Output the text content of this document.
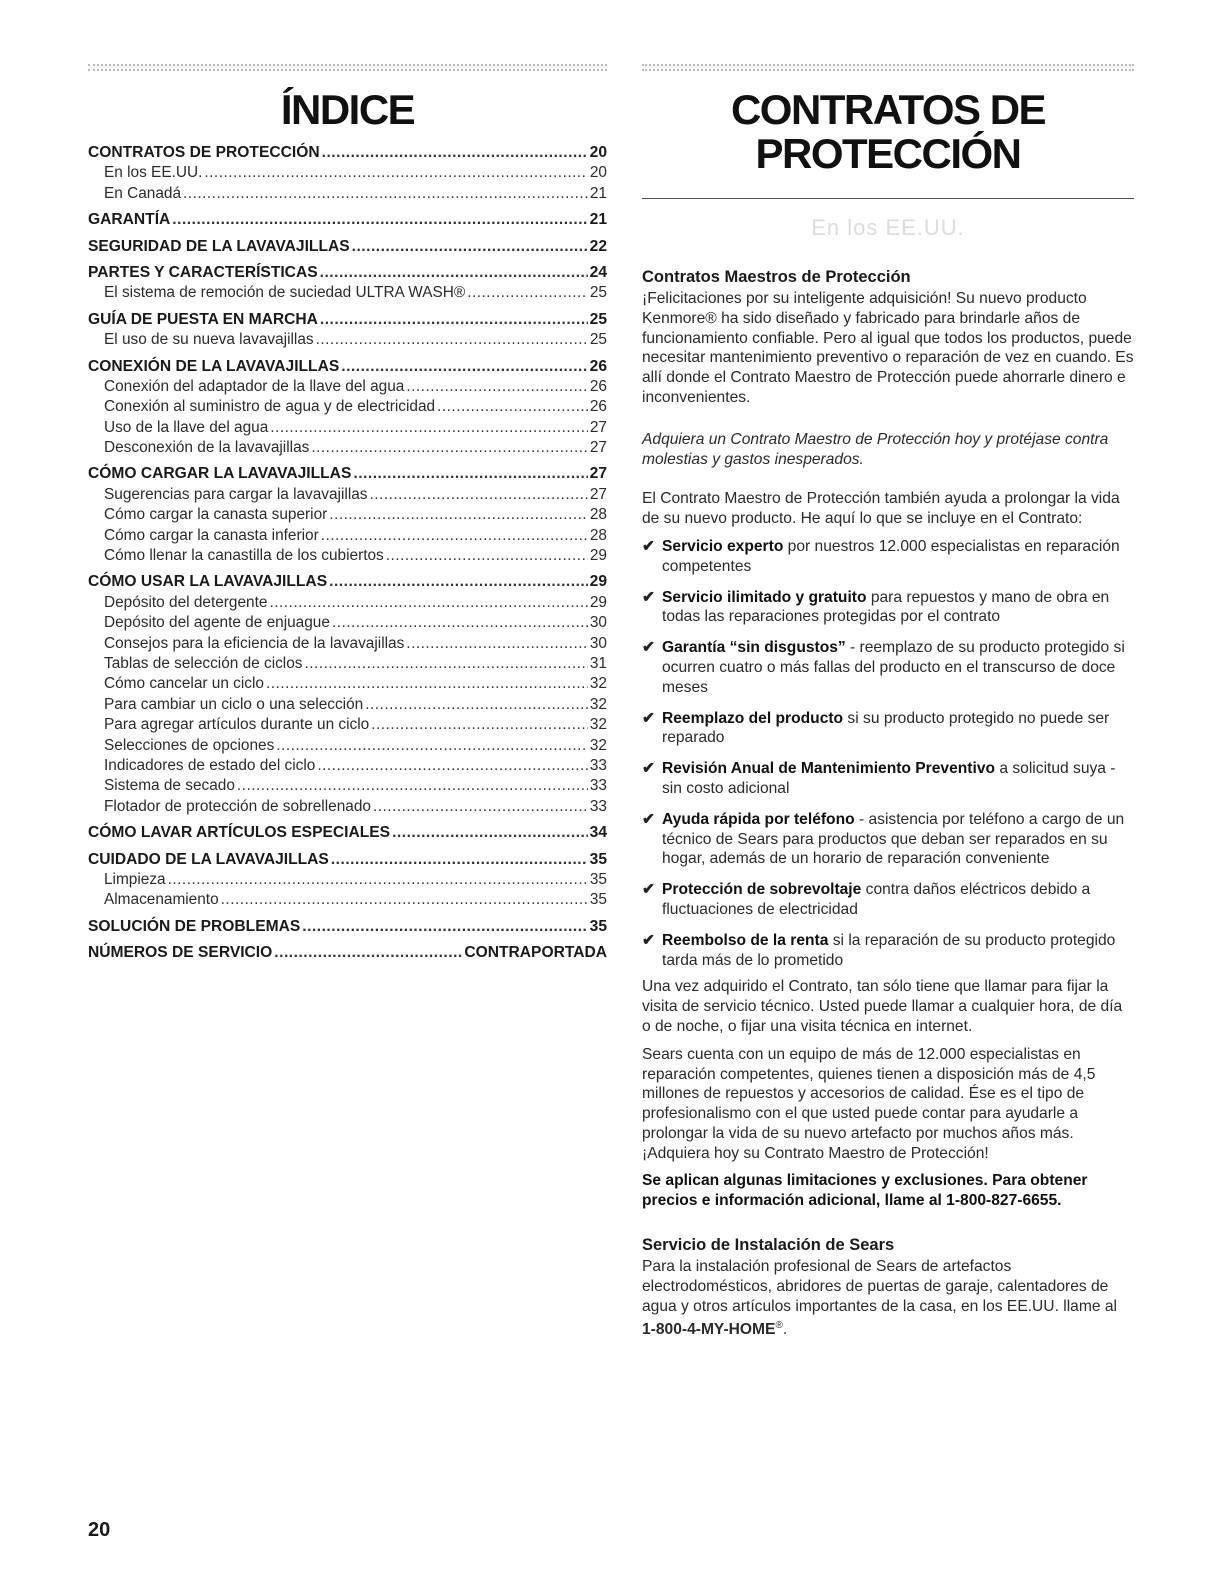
ÍNDICE
CONTRATOS DE PROTECCIÓN .....	20
En los EE.UU. .....	20
En Canadá .....	21
GARANTÍA .....	21
SEGURIDAD DE LA LAVAVAJILLAS .....	22
PARTES Y CARACTERÍSTICAS .....	24
El sistema de remoción de suciedad ULTRA WASH® .....	25
GUÍA DE PUESTA EN MARCHA .....	25
El uso de su nueva lavavajillas .....	25
CONEXIÓN DE LA LAVAVAJILLAS .....	26
Conexión del adaptador de la llave del agua .....	26
Conexión al suministro de agua y de electricidad .....	26
Uso de la llave del agua .....	27
Desconexión de la lavavajillas .....	27
CÓMO CARGAR LA LAVAVAJILLAS .....	27
Sugerencias para cargar la lavavajillas .....	27
Cómo cargar la canasta superior .....	28
Cómo cargar la canasta inferior .....	28
Cómo llenar la canastilla de los cubiertos .....	29
CÓMO USAR LA LAVAVAJILLAS .....	29
Depósito del detergente .....	29
Depósito del agente de enjuague .....	30
Consejos para la eficiencia de la lavavajillas .....	30
Tablas de selección de ciclos .....	31
Cómo cancelar un ciclo .....	32
Para cambiar un ciclo o una selección .....	32
Para agregar artículos durante un ciclo .....	32
Selecciones de opciones .....	32
Indicadores de estado del ciclo .....	33
Sistema de secado .....	33
Flotador de protección de sobrellenado .....	33
CÓMO LAVAR ARTÍCULOS ESPECIALES .....	34
CUIDADO DE LA LAVAVAJILLAS .....	35
Limpieza .....	35
Almacenamiento .....	35
SOLUCIÓN DE PROBLEMAS .....	35
NÚMEROS DE SERVICIO .....	CONTRAPORTADA
CONTRATOS DE
PROTECCIÓN
En los EE.UU.
Contratos Maestros de Protección

¡Felicitaciones por su inteligente adquisición! Su nuevo producto Kenmore® ha sido diseñado y fabricado para brindarle años de funcionamiento confiable. Pero al igual que todos los productos, puede necesitar mantenimiento preventivo o reparación de vez en cuando. Es allí donde el Contrato Maestro de Protección puede ahorrarle dinero e inconvenientes.

Adquiera un Contrato Maestro de Protección hoy y protéjase contra molestias y gastos inesperados.

El Contrato Maestro de Protección también ayuda a prolongar la vida de su nuevo producto. He aquí lo que se incluye en el Contrato:

✔ Servicio experto por nuestros 12.000 especialistas en reparación competentes
✔ Servicio ilimitado y gratuito para repuestos y mano de obra en todas las reparaciones protegidas por el contrato
✔ Garantía “sin disgustos” - reemplazo de su producto protegido si ocurren cuatro o más fallas del producto en el transcurso de doce meses
✔ Reemplazo del producto si su producto protegido no puede ser reparado
✔ Revisión Anual de Mantenimiento Preventivo a solicitud suya - sin costo adicional
✔ Ayuda rápida por teléfono - asistencia por teléfono a cargo de un técnico de Sears para productos que deban ser reparados en su hogar, además de un horario de reparación conveniente
✔ Protección de sobrevoltaje contra daños eléctricos debido a fluctuaciones de electricidad
✔ Reembolso de la renta si la reparación de su producto protegido tarda más de lo prometido

Una vez adquirido el Contrato, tan sólo tiene que llamar para fijar la visita de servicio técnico. Usted puede llamar a cualquier hora, de día o de noche, o fijar una visita técnica en internet.

Sears cuenta con un equipo de más de 12.000 especialistas en reparación competentes, quienes tienen a disposición más de 4,5 millones de repuestos y accesorios de calidad. Ése es el tipo de profesionalismo con el que usted puede contar para ayudarle a prolongar la vida de su nuevo artefacto por muchos años más. ¡Adquiera hoy su Contrato Maestro de Protección!

Se aplican algunas limitaciones y exclusiones. Para obtener precios e información adicional, llame al 1-800-827-6655.

Servicio de Instalación de Sears

Para la instalación profesional de Sears de artefactos electrodomésticos, abridores de puertas de garaje, calentadores de agua y otros artículos importantes de la casa, en los EE.UU. llame al 1-800-4-MY-HOME®.

20
